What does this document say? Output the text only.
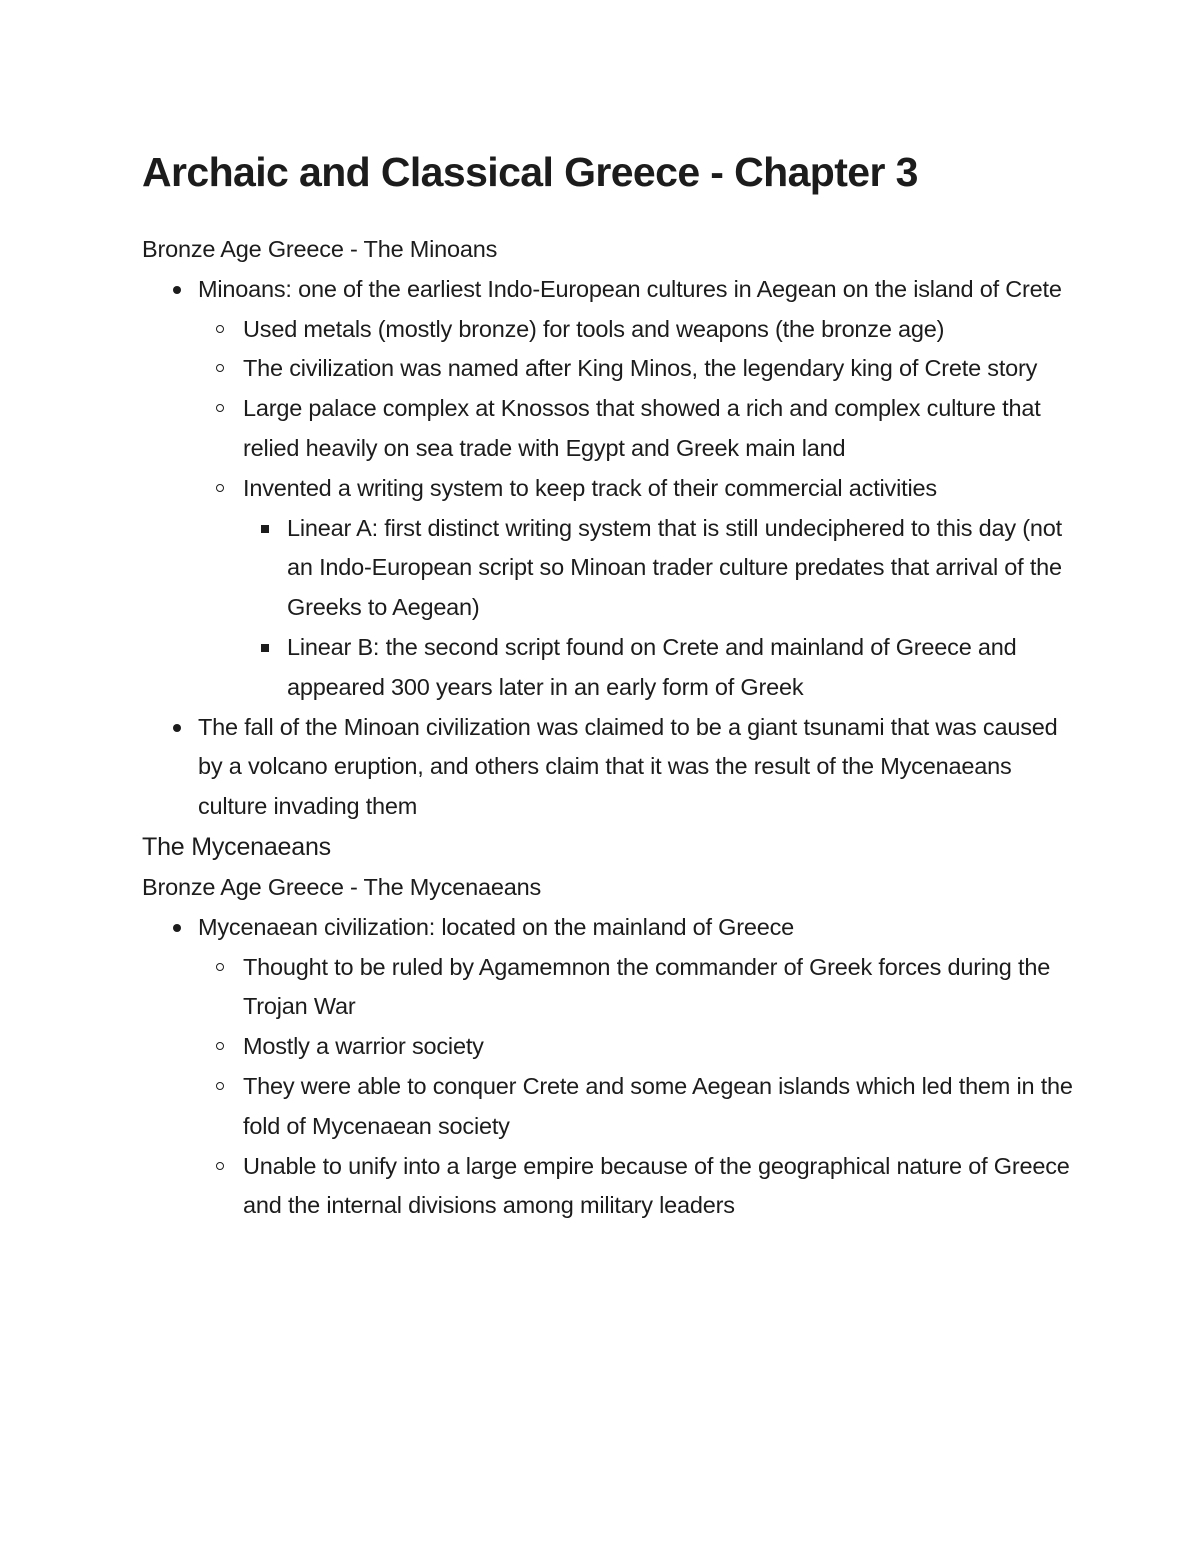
Archaic and Classical Greece - Chapter 3
Bronze Age Greece - The Minoans
Minoans: one of the earliest Indo-European cultures in Aegean on the island of Crete
Used metals (mostly bronze) for tools and weapons (the bronze age)
The civilization was named after King Minos, the legendary king of Crete story
Large palace complex at Knossos that showed a rich and complex culture that relied heavily on sea trade with Egypt and Greek main land
Invented a writing system to keep track of their commercial activities
Linear A: first distinct writing system that is still undeciphered to this day (not an Indo-European script so Minoan trader culture predates that arrival of the Greeks to Aegean)
Linear B: the second script found on Crete and mainland of Greece and appeared 300 years later in an early form of Greek
The fall of the Minoan civilization was claimed to be a giant tsunami that was caused by a volcano eruption, and others claim that it was the result of the Mycenaeans culture invading them
The Mycenaeans
Bronze Age Greece - The Mycenaeans
Mycenaean civilization: located on the mainland of Greece
Thought to be ruled by Agamemnon the commander of Greek forces during the Trojan War
Mostly a warrior society
They were able to conquer Crete and some Aegean islands which led them in the fold of Mycenaean society
Unable to unify into a large empire because of the geographical nature of Greece and the internal divisions among military leaders
